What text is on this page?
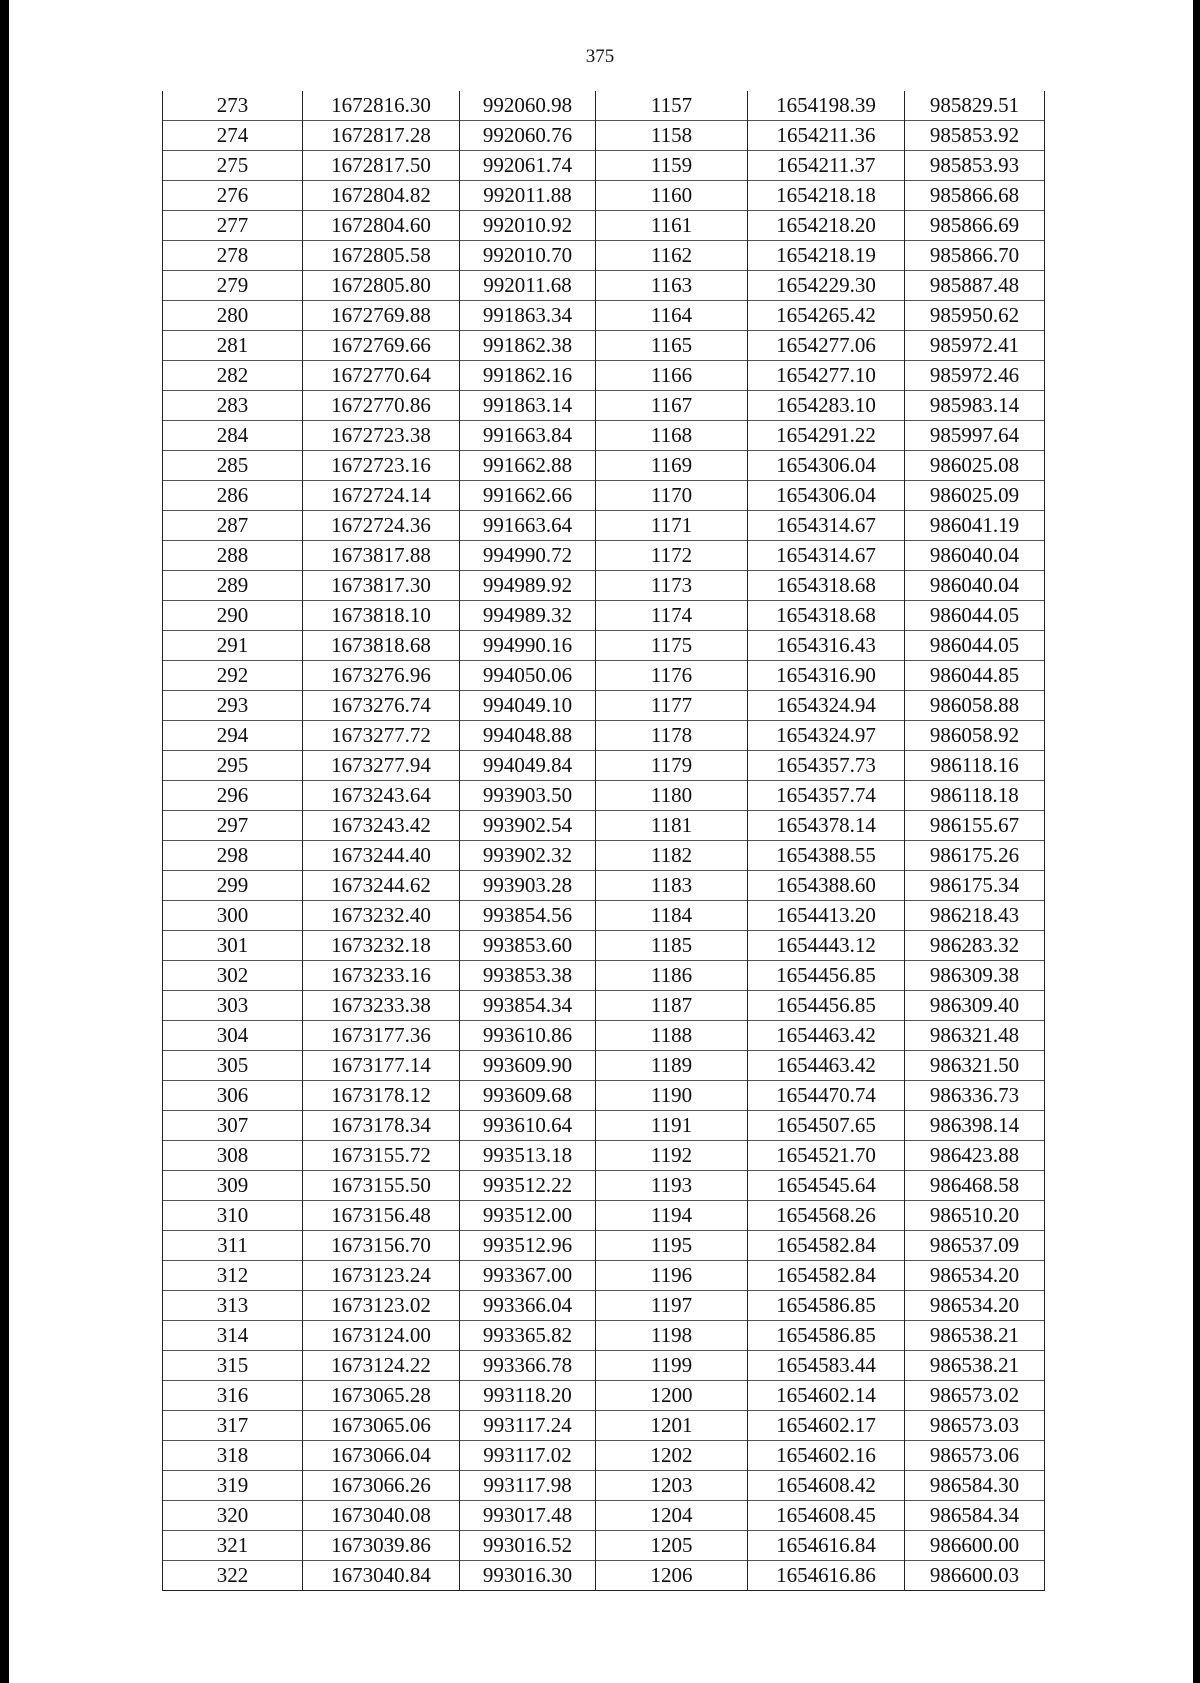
375
273	1672816.30	992060.98	1157	1654198.39	985829.51
274	1672817.28	992060.76	1158	1654211.36	985853.92
275	1672817.50	992061.74	1159	1654211.37	985853.93
276	1672804.82	992011.88	1160	1654218.18	985866.68
277	1672804.60	992010.92	1161	1654218.20	985866.69
278	1672805.58	992010.70	1162	1654218.19	985866.70
279	1672805.80	992011.68	1163	1654229.30	985887.48
280	1672769.88	991863.34	1164	1654265.42	985950.62
281	1672769.66	991862.38	1165	1654277.06	985972.41
282	1672770.64	991862.16	1166	1654277.10	985972.46
283	1672770.86	991863.14	1167	1654283.10	985983.14
284	1672723.38	991663.84	1168	1654291.22	985997.64
285	1672723.16	991662.88	1169	1654306.04	986025.08
286	1672724.14	991662.66	1170	1654306.04	986025.09
287	1672724.36	991663.64	1171	1654314.67	986041.19
288	1673817.88	994990.72	1172	1654314.67	986040.04
289	1673817.30	994989.92	1173	1654318.68	986040.04
290	1673818.10	994989.32	1174	1654318.68	986044.05
291	1673818.68	994990.16	1175	1654316.43	986044.05
292	1673276.96	994050.06	1176	1654316.90	986044.85
293	1673276.74	994049.10	1177	1654324.94	986058.88
294	1673277.72	994048.88	1178	1654324.97	986058.92
295	1673277.94	994049.84	1179	1654357.73	986118.16
296	1673243.64	993903.50	1180	1654357.74	986118.18
297	1673243.42	993902.54	1181	1654378.14	986155.67
298	1673244.40	993902.32	1182	1654388.55	986175.26
299	1673244.62	993903.28	1183	1654388.60	986175.34
300	1673232.40	993854.56	1184	1654413.20	986218.43
301	1673232.18	993853.60	1185	1654443.12	986283.32
302	1673233.16	993853.38	1186	1654456.85	986309.38
303	1673233.38	993854.34	1187	1654456.85	986309.40
304	1673177.36	993610.86	1188	1654463.42	986321.48
305	1673177.14	993609.90	1189	1654463.42	986321.50
306	1673178.12	993609.68	1190	1654470.74	986336.73
307	1673178.34	993610.64	1191	1654507.65	986398.14
308	1673155.72	993513.18	1192	1654521.70	986423.88
309	1673155.50	993512.22	1193	1654545.64	986468.58
310	1673156.48	993512.00	1194	1654568.26	986510.20
311	1673156.70	993512.96	1195	1654582.84	986537.09
312	1673123.24	993367.00	1196	1654582.84	986534.20
313	1673123.02	993366.04	1197	1654586.85	986534.20
314	1673124.00	993365.82	1198	1654586.85	986538.21
315	1673124.22	993366.78	1199	1654583.44	986538.21
316	1673065.28	993118.20	1200	1654602.14	986573.02
317	1673065.06	993117.24	1201	1654602.17	986573.03
318	1673066.04	993117.02	1202	1654602.16	986573.06
319	1673066.26	993117.98	1203	1654608.42	986584.30
320	1673040.08	993017.48	1204	1654608.45	986584.34
321	1673039.86	993016.52	1205	1654616.84	986600.00
322	1673040.84	993016.30	1206	1654616.86	986600.03
